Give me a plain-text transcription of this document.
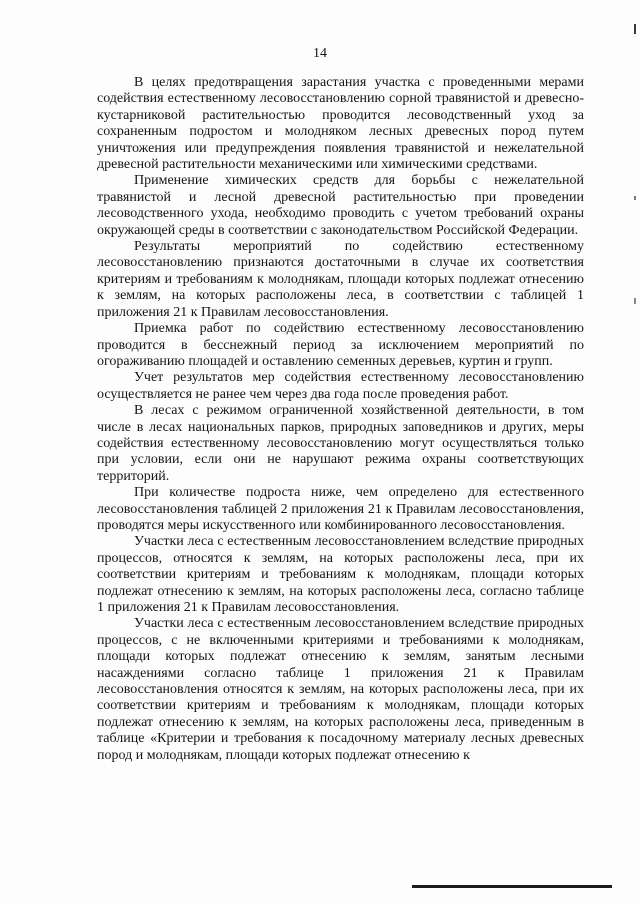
14

В целях предотвращения зарастания участка с проведенными мерами содействия естественному лесовосстановлению сорной травянистой и древесно-кустарниковой растительностью проводится лесоводственный уход за сохраненным подростом и молодняком лесных древесных пород путем уничтожения или предупреждения появления травянистой и нежелательной древесной растительности механическими или химическими средствами.

Применение химических средств для борьбы с нежелательной травянистой и лесной древесной растительностью при проведении лесоводственного ухода, необходимо проводить с учетом требований охраны окружающей среды в соответствии с законодательством Российской Федерации.

Результаты мероприятий по содействию естественному лесовосстановлению признаются достаточными в случае их соответствия критериям и требованиям к молоднякам, площади которых подлежат отнесению к землям, на которых расположены леса, в соответствии с таблицей 1 приложения 21 к Правилам лесовосстановления.

Приемка работ по содействию естественному лесовосстановлению проводится в бесснежный период за исключением мероприятий по огораживанию площадей и оставлению семенных деревьев, куртин и групп.

Учет результатов мер содействия естественному лесовосстановлению осуществляется не ранее чем через два года после проведения работ.

В лесах с режимом ограниченной хозяйственной деятельности, в том числе в лесах национальных парков, природных заповедников и других, меры содействия естественному лесовосстановлению могут осуществляться только при условии, если они не нарушают режима охраны соответствующих территорий.

При количестве подроста ниже, чем определено для естественного лесовосстановления таблицей 2 приложения 21 к Правилам лесовосстановления, проводятся меры искусственного или комбинированного лесовосстановления.

Участки леса с естественным лесовосстановлением вследствие природных процессов, относятся к землям, на которых расположены леса, при их соответствии критериям и требованиям к молоднякам, площади которых подлежат отнесению к землям, на которых расположены леса, согласно таблице 1 приложения 21 к Правилам лесовосстановления.

Участки леса с естественным лесовосстановлением вследствие природных процессов, с не включенными критериями и требованиями к молоднякам, площади которых подлежат отнесению к землям, занятым лесными насаждениями согласно таблице 1 приложения 21 к Правилам лесовосстановления относятся к землям, на которых расположены леса, при их соответствии критериям и требованиям к молоднякам, площади которых подлежат отнесению к землям, на которых расположены леса, приведенным в таблице «Критерии и требования к посадочному материалу лесных древесных пород и молоднякам, площади которых подлежат отнесению к
